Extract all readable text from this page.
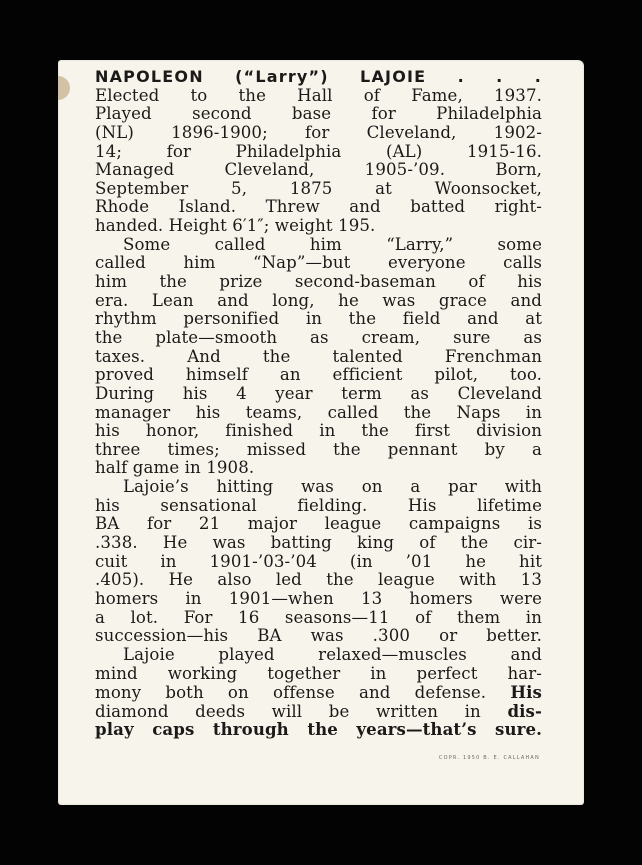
NAPOLEON (“Larry”) LAJOIE . . .
Elected to the Hall of Fame, 1937.
Played second base for Philadelphia
(NL) 1896-1900; for Cleveland, 1902-
14; for Philadelphia (AL) 1915-16.
Managed Cleveland, 1905-’09. Born,
September 5, 1875 at Woonsocket,
Rhode Island. Threw and batted right-
handed. Height 6′1″; weight 195.
Some called him “Larry,” some
called him “Nap”—but everyone calls
him the prize second-baseman of his
era. Lean and long, he was grace and
rhythm personified in the field and at
the plate—smooth as cream, sure as
taxes. And the talented Frenchman
proved himself an efficient pilot, too.
During his 4 year term as Cleveland
manager his teams, called the Naps in
his honor, finished in the first division
three times; missed the pennant by a
half game in 1908.
Lajoie’s hitting was on a par with
his sensational fielding. His lifetime
BA for 21 major league campaigns is
.338. He was batting king of the cir-
cuit in 1901-’03-’04 (in ’01 he hit
.405). He also led the league with 13
homers in 1901—when 13 homers were
a lot. For 16 seasons—11 of them in
succession—his BA was .300 or better.
Lajoie played relaxed—muscles and
mind working together in perfect har-
mony both on offense and defense. His
diamond deeds will be written in dis-
play caps through the years—that’s sure.
COPR. 1950 B. E. CALLAHAN
